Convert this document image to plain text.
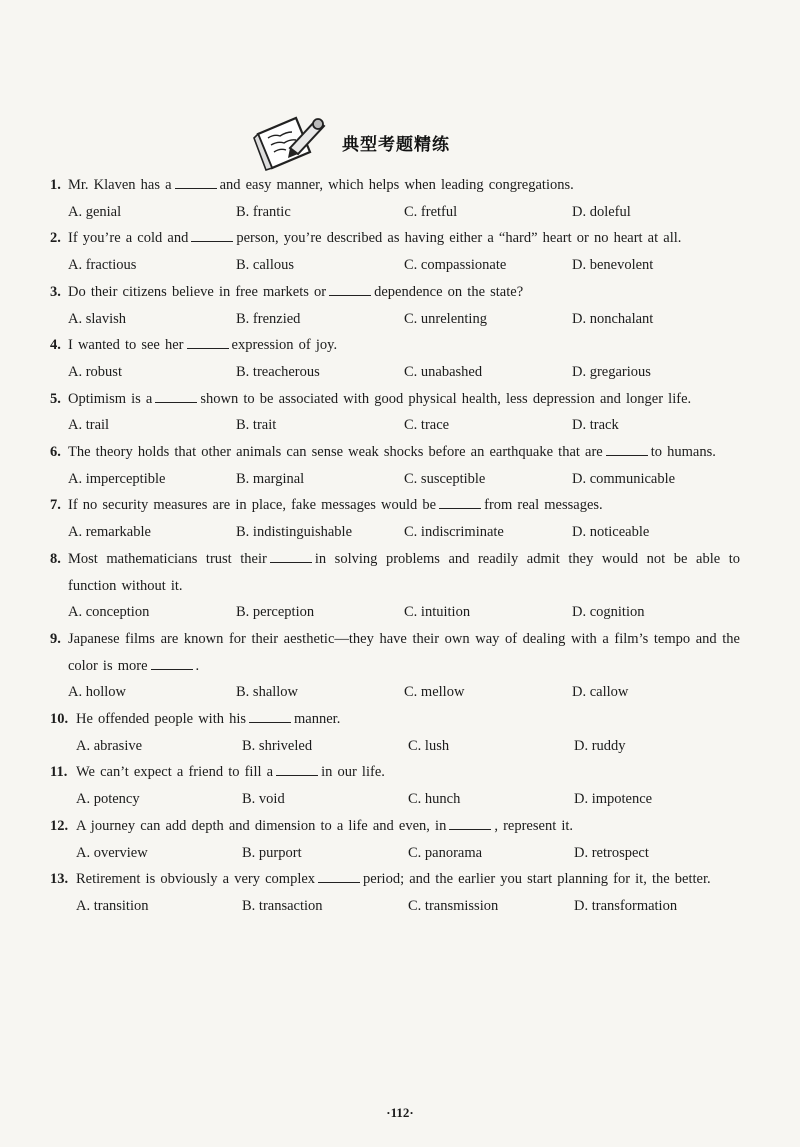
典型考题精练
1. Mr. Klaven has a	and easy manner, which helps when leading congregations.
A. genial	B. frantic	C. fretful	D. doleful
2. If you’re a cold and	person, you’re described as having either a “hard” heart or no heart at all.
A. fractious	B. callous	C. compassionate	D. benevolent
3. Do their citizens believe in free markets or	dependence on the state?
A. slavish	B. frenzied	C. unrelenting	D. nonchalant
4. I wanted to see her	expression of joy.
A. robust	B. treacherous	C. unabashed	D. gregarious
5. Optimism is a	shown to be associated with good physical health, less depression and longer life.
A. trail	B. trait	C. trace	D. track
6. The theory holds that other animals can sense weak shocks before an earthquake that are	to humans.
A. imperceptible	B. marginal	C. susceptible	D. communicable
7. If no security measures are in place, fake messages would be	from real messages.
A. remarkable	B. indistinguishable	C. indiscriminate	D. noticeable
8. Most mathematicians trust their	in solving problems and readily admit they would not be able to function without it.
A. conception	B. perception	C. intuition	D. cognition
9. Japanese films are known for their aesthetic—they have their own way of dealing with a film’s tempo and the color is more	.
A. hollow	B. shallow	C. mellow	D. callow
10. He offended people with his	manner.
A. abrasive	B. shriveled	C. lush	D. ruddy
11. We can’t expect a friend to fill a	in our life.
A. potency	B. void	C. hunch	D. impotence
12. A journey can add depth and dimension to a life and even, in	, represent it.
A. overview	B. purport	C. panorama	D. retrospect
13. Retirement is obviously a very complex	period; and the earlier you start planning for it, the better.
A. transition	B. transaction	C. transmission	D. transformation
·112·
